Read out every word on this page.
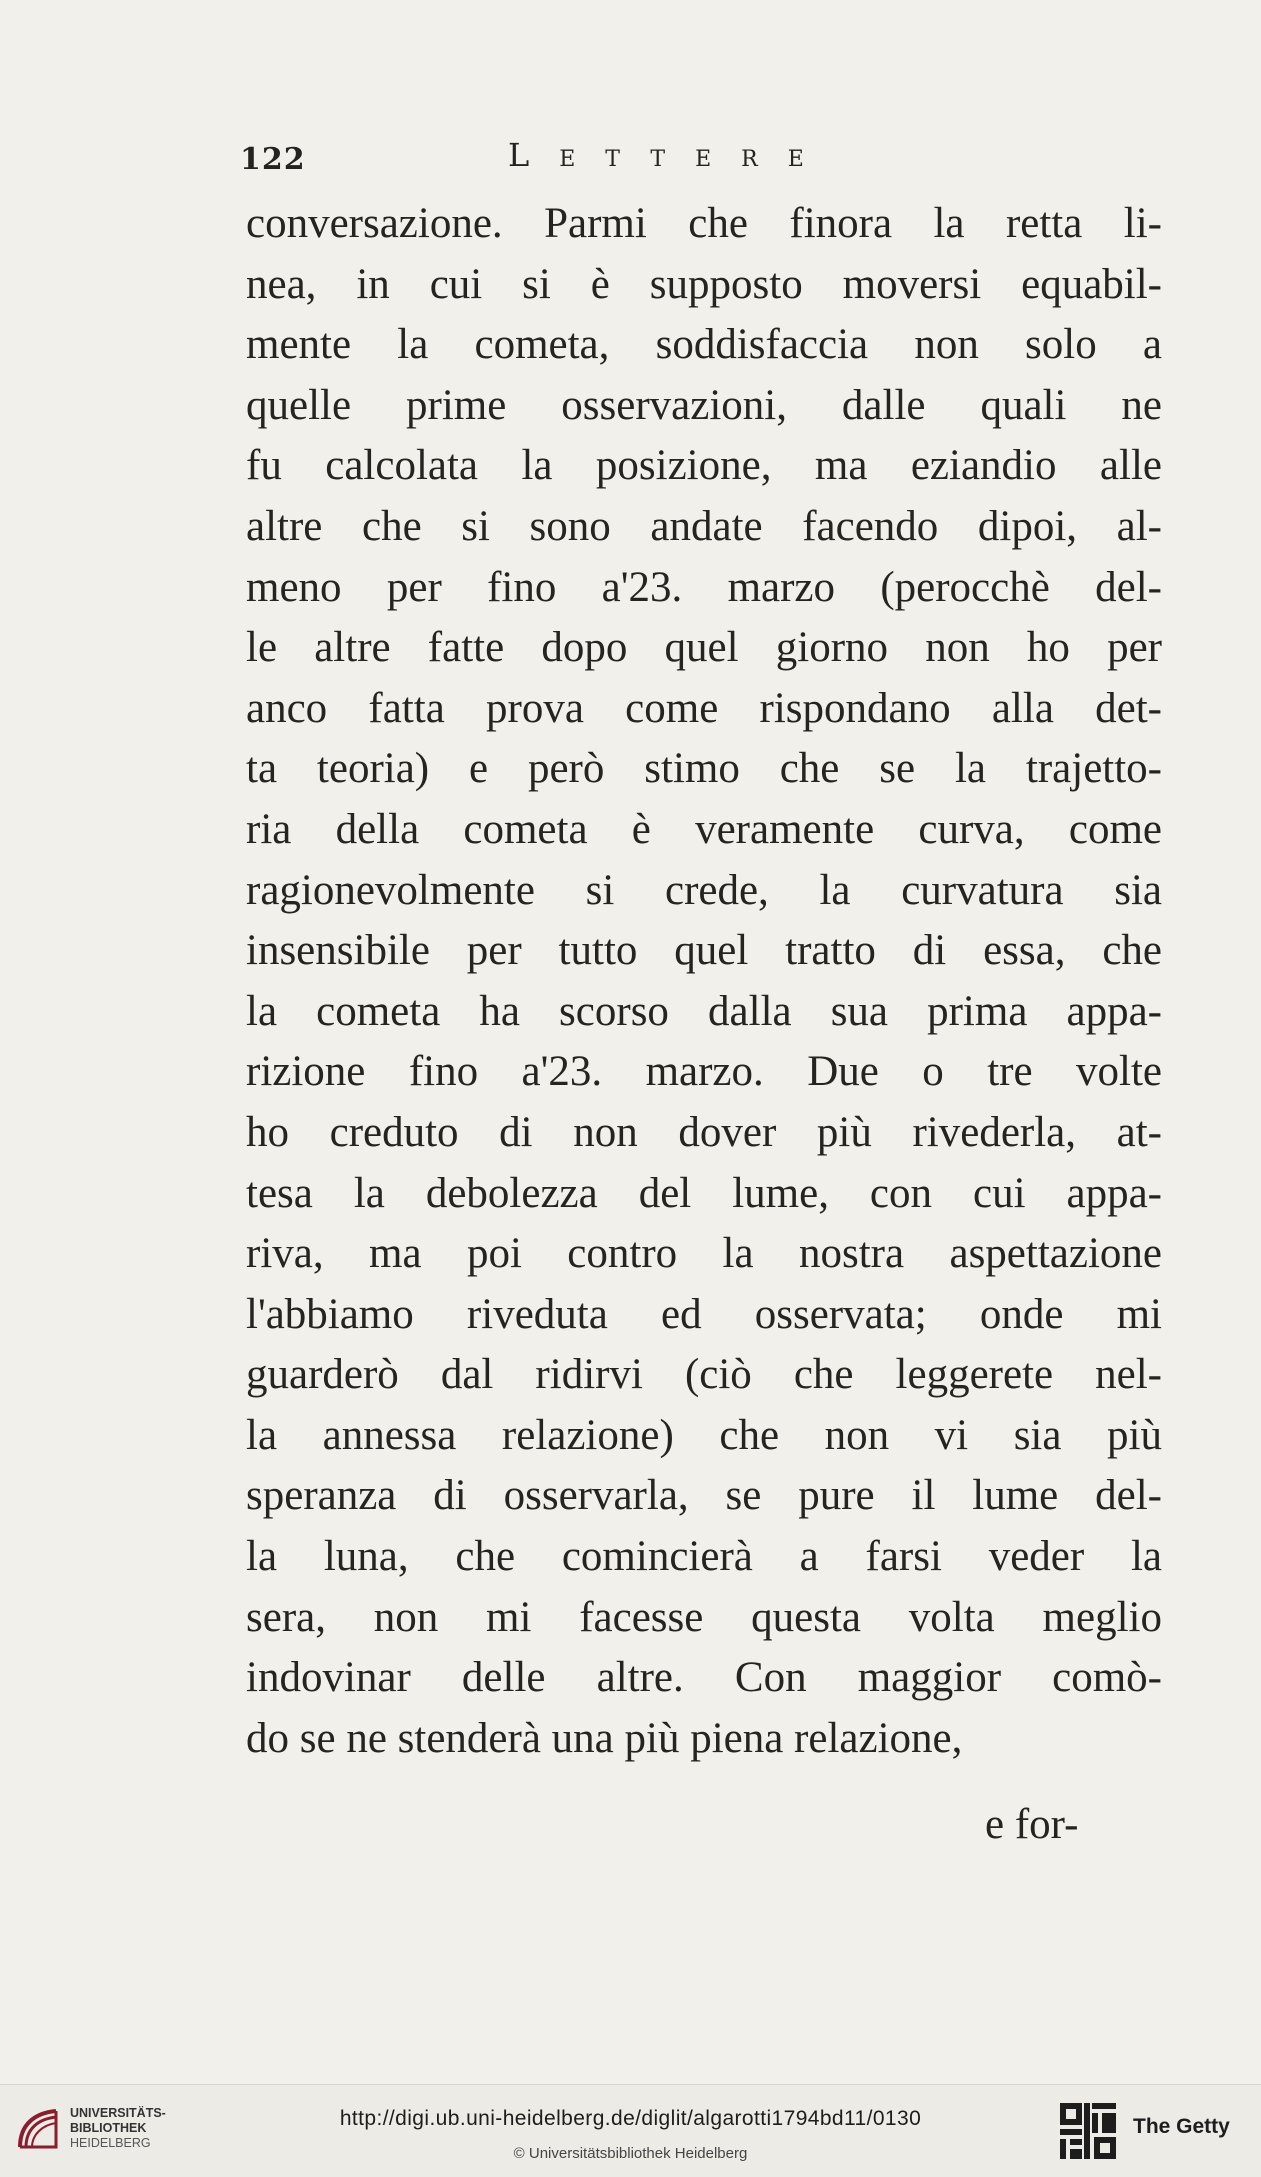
122	Lettere
conversazione. Parmi che finora la retta li-
nea, in cui si è supposto moversi equabil-
mente la cometa, soddisfaccia non solo a
quelle prime osservazioni, dalle quali ne
fu calcolata la posizione, ma eziandio alle
altre che si sono andate facendo dipoi, al-
meno per fino a'23. marzo (perocchè del-
le altre fatte dopo quel giorno non ho per
anco fatta prova come rispondano alla det-
ta teoria) e però stimo che se la trajetto-
ria della cometa è veramente curva, come
ragionevolmente si crede, la curvatura sia
insensibile per tutto quel tratto di essa, che
la cometa ha scorso dalla sua prima appa-
rizione fino a'23. marzo. Due o tre volte
ho creduto di non dover più rivederla, at-
tesa la debolezza del lume, con cui appa-
riva, ma poi contro la nostra aspettazione
l'abbiamo riveduta ed osservata; onde mi
guarderò dal ridirvi (ciò che leggerete nel-
la annessa relazione) che non vi sia più
speranza di osservarla, se pure il lume del-
la luna, che comincierà a farsi veder la
sera, non mi facesse questa volta meglio
indovinar delle altre. Con maggior comò-
do se ne stenderà una più piena relazione,
e for-
UNIVERSITÄTS-
BIBLIOTHEK
HEIDELBERG
http://digi.ub.uni-heidelberg.de/diglit/algarotti1794bd11/0130
© Universitätsbibliothek Heidelberg
The Getty
